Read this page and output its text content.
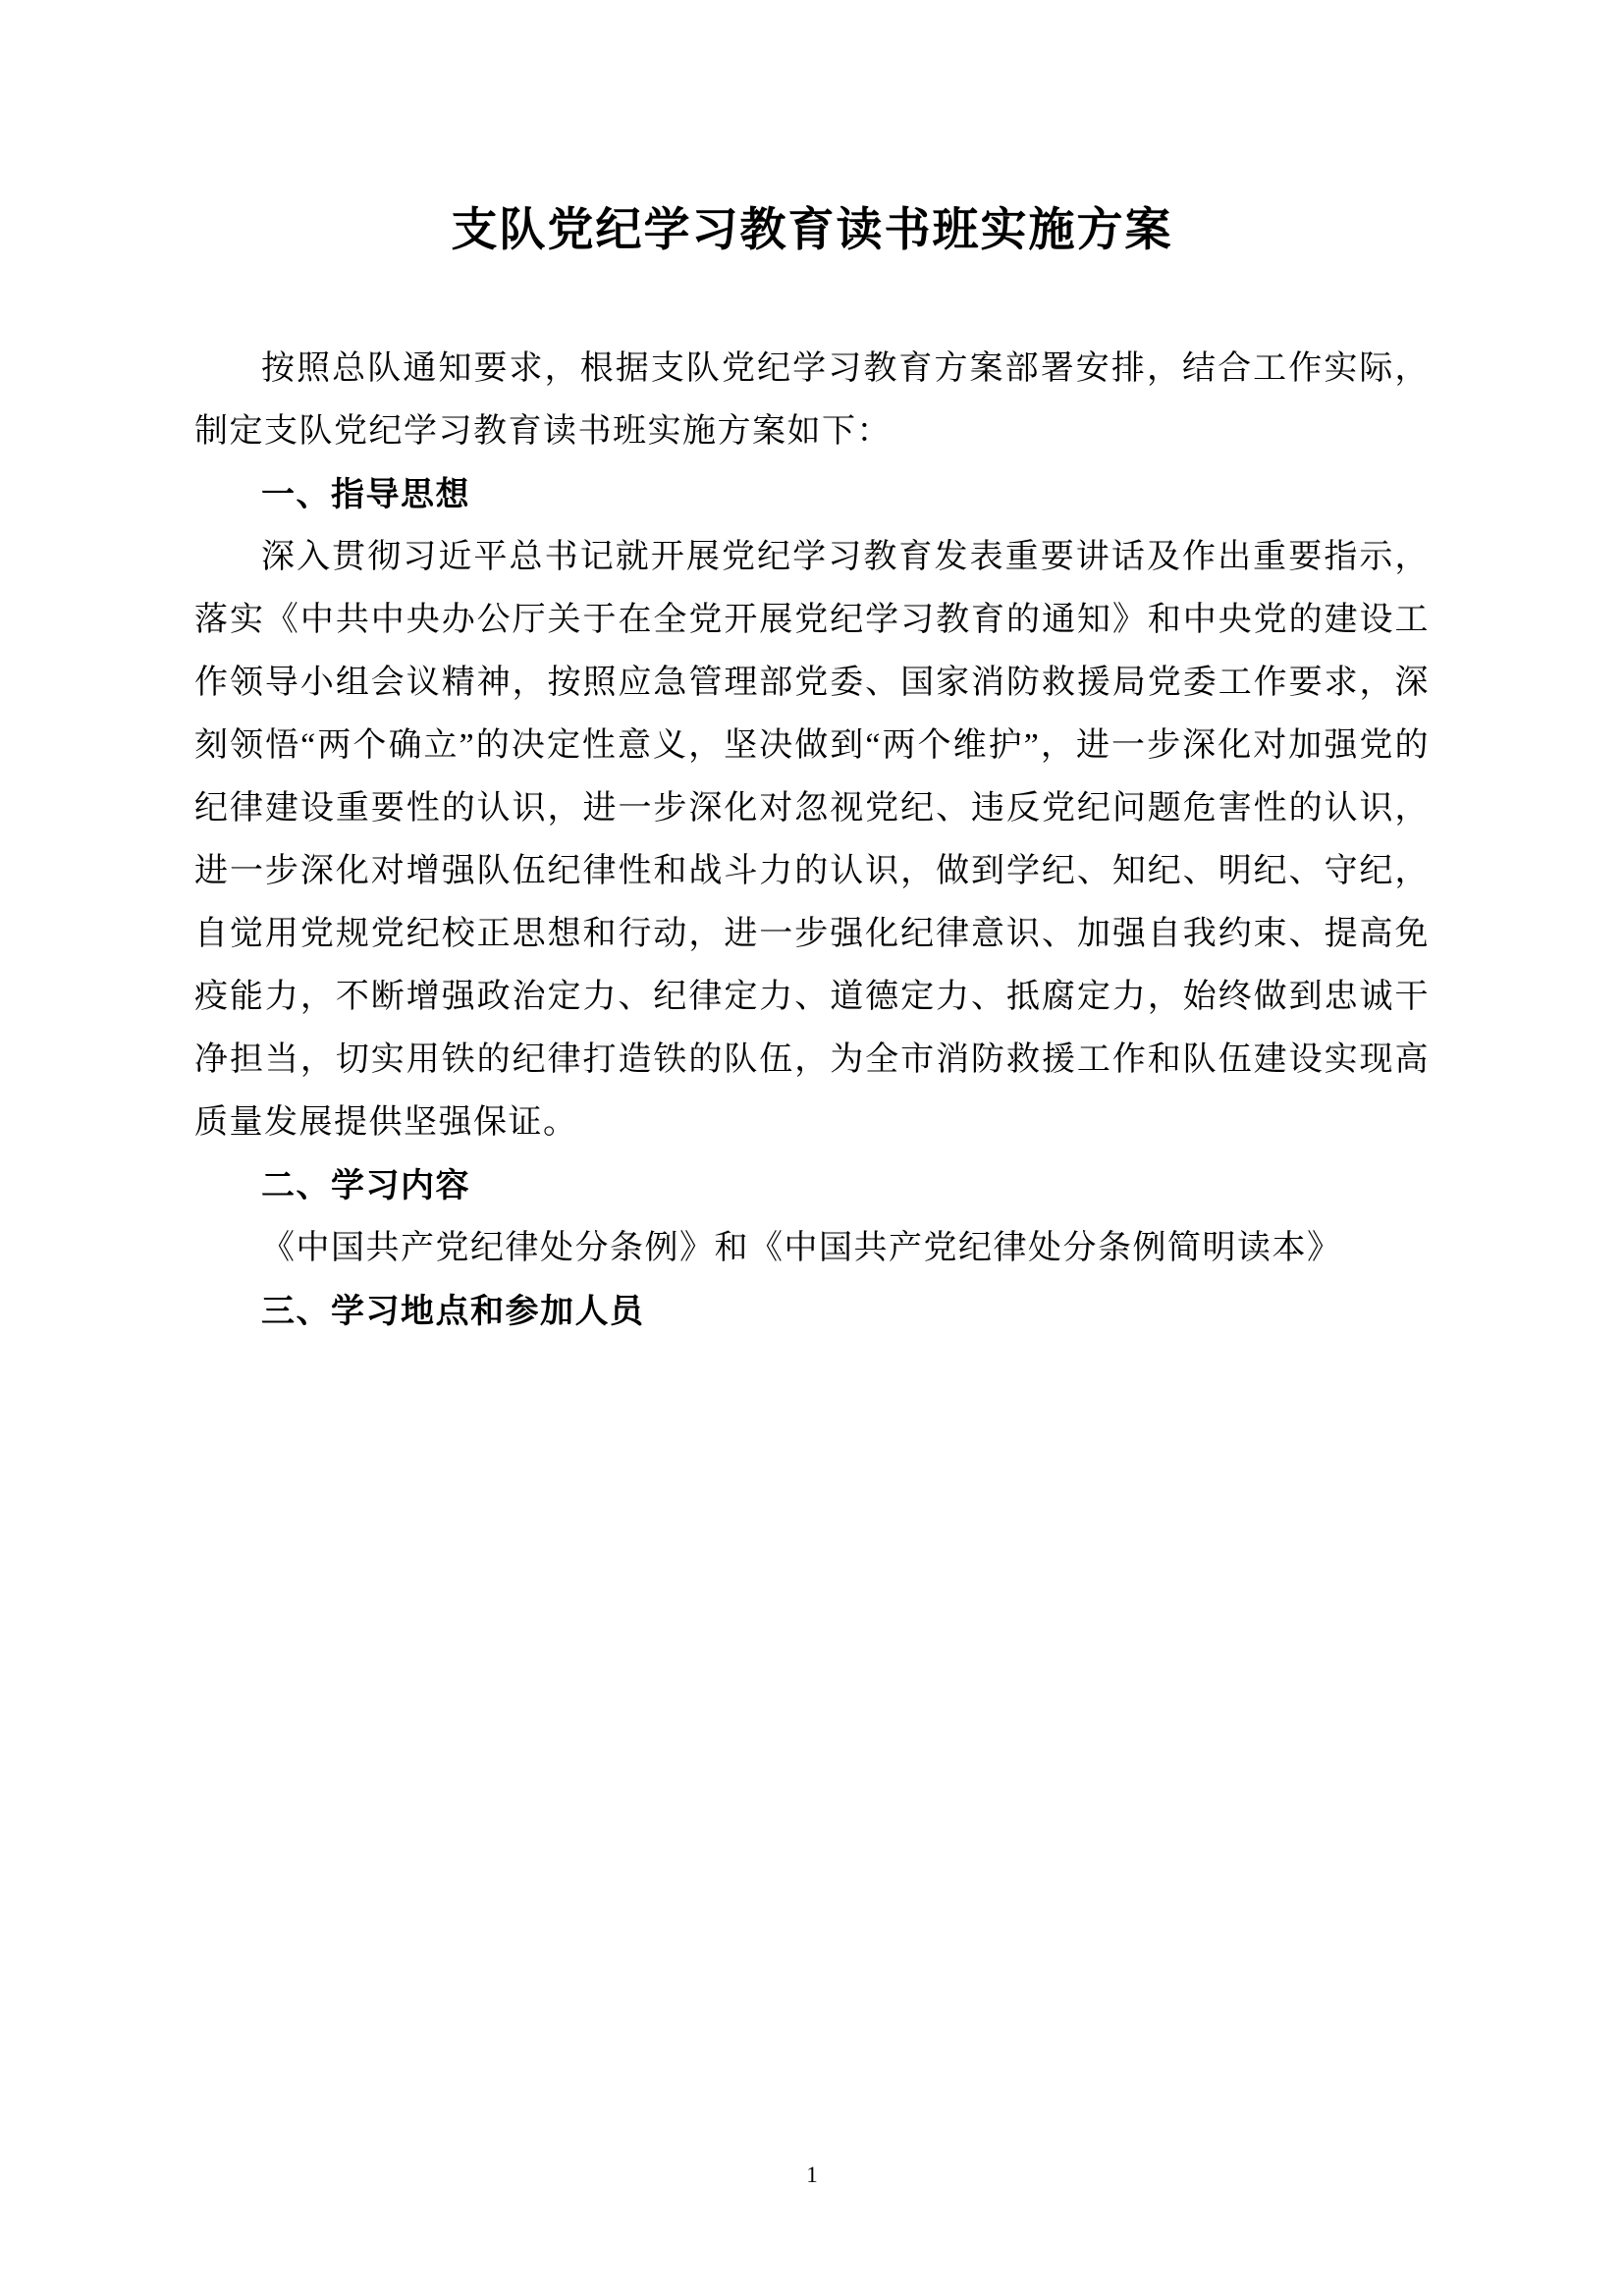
支队党纪学习教育读书班实施方案

按照总队通知要求，根据支队党纪学习教育方案部署安排，结合工作实际，制定支队党纪学习教育读书班实施方案如下：

一、指导思想

深入贯彻习近平总书记就开展党纪学习教育发表重要讲话及作出重要指示，落实《中共中央办公厅关于在全党开展党纪学习教育的通知》和中央党的建设工作领导小组会议精神，按照应急管理部党委、国家消防救援局党委工作要求，深刻领悟“两个确立”的决定性意义，坚决做到“两个维护”，进一步深化对加强党的纪律建设重要性的认识，进一步深化对忽视党纪、违反党纪问题危害性的认识，进一步深化对增强队伍纪律性和战斗力的认识，做到学纪、知纪、明纪、守纪，自觉用党规党纪校正思想和行动，进一步强化纪律意识、加强自我约束、提高免疫能力，不断增强政治定力、纪律定力、道德定力、抵腐定力，始终做到忠诚干净担当，切实用铁的纪律打造铁的队伍，为全市消防救援工作和队伍建设实现高质量发展提供坚强保证。

二、学习内容

《中国共产党纪律处分条例》和《中国共产党纪律处分条例简明读本》

三、学习地点和参加人员

1
